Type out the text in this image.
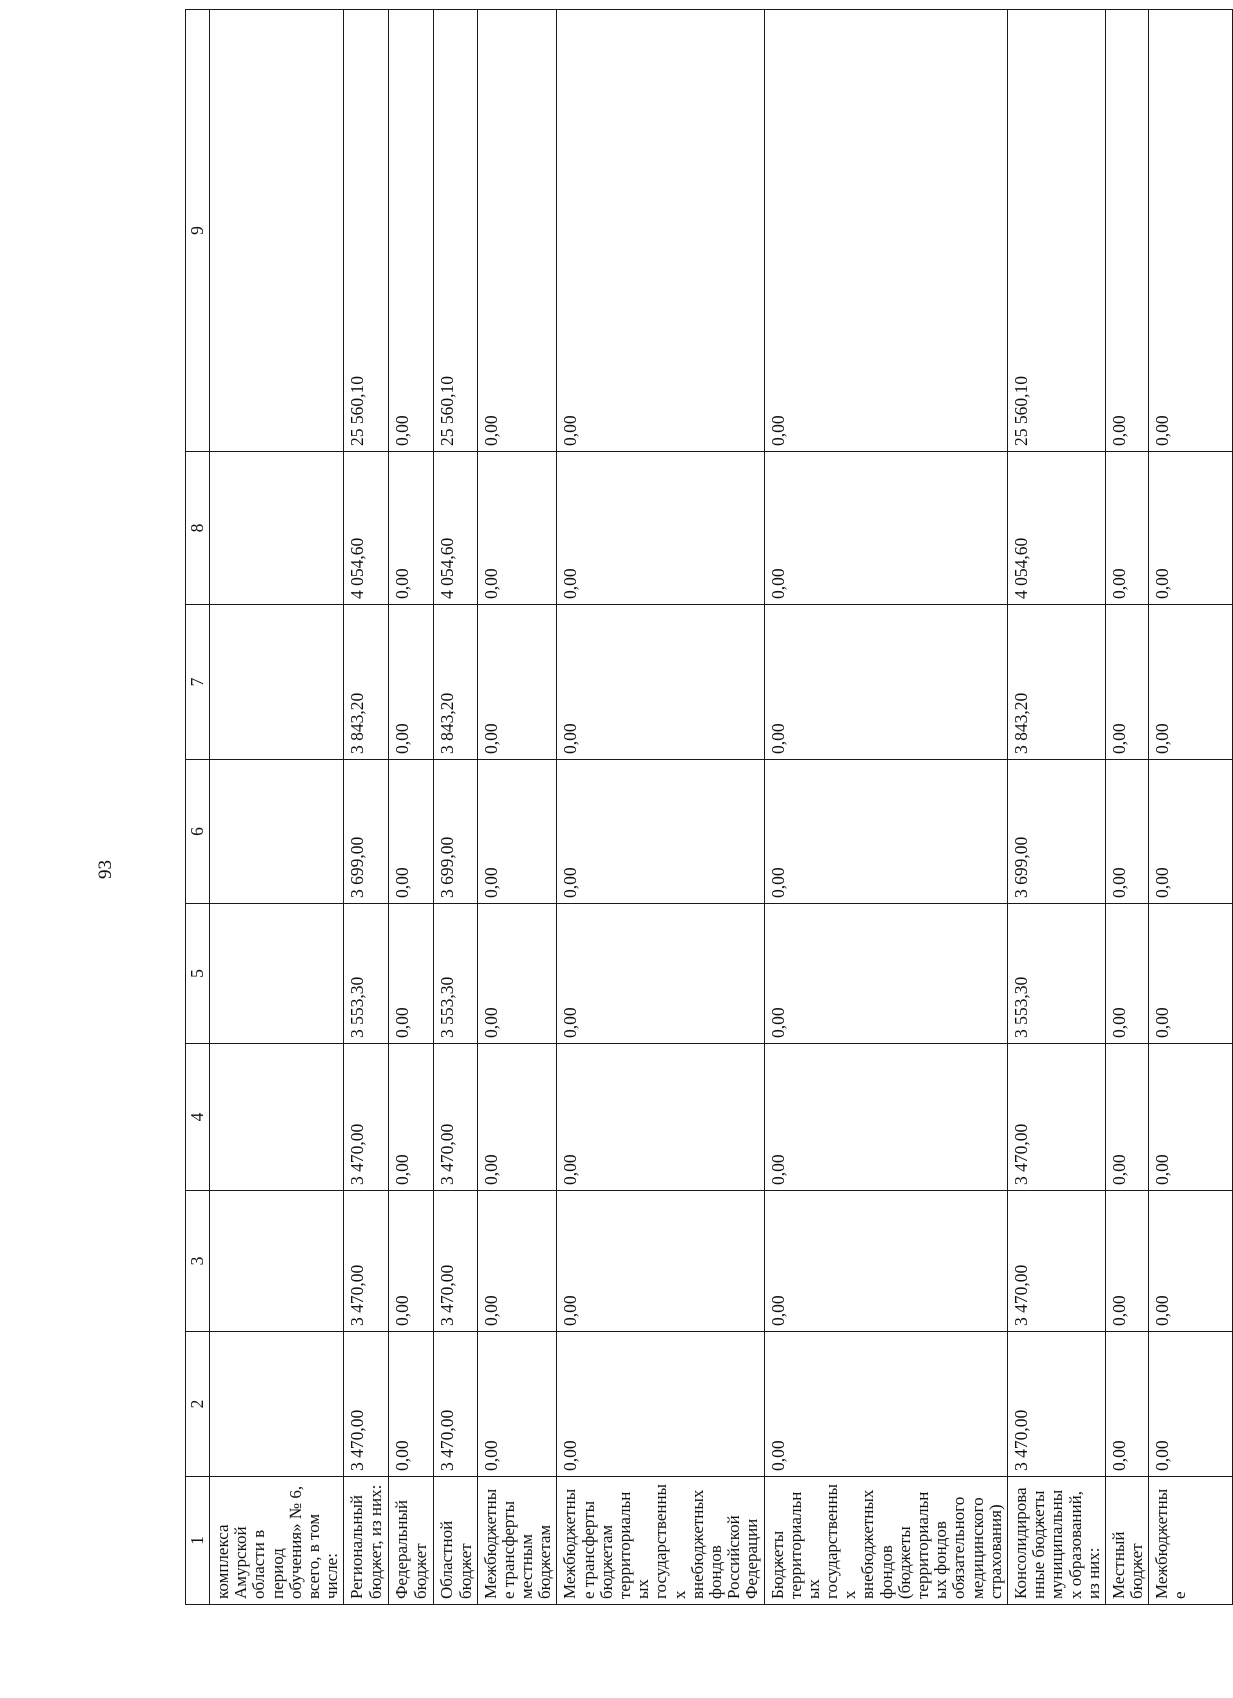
93
1	2	3	4	5	6	7	8	9
комплекса Амурской области в период обучения» № 6, всего, в том числе:								
Региональный бюджет, из них:	3 470,00	3 470,00	3 470,00	3 553,30	3 699,00	3 843,20	4 054,60	25 560,10
Федеральный бюджет	0,00	0,00	0,00	0,00	0,00	0,00	0,00	0,00
Областной бюджет	3 470,00	3 470,00	3 470,00	3 553,30	3 699,00	3 843,20	4 054,60	25 560,10
Межбюджетные трансферты местным бюджетам	0,00	0,00	0,00	0,00	0,00	0,00	0,00	0,00
Межбюджетные трансферты бюджетам территориальных государственных внебюджетных фондов Российской Федерации	0,00	0,00	0,00	0,00	0,00	0,00	0,00	0,00
Бюджеты территориальных государственных внебюджетных фондов (бюджеты территориальных фондов обязательного медицинского страхования)	0,00	0,00	0,00	0,00	0,00	0,00	0,00	0,00
Консолидированные бюджеты муниципальных образований, из них:	3 470,00	3 470,00	3 470,00	3 553,30	3 699,00	3 843,20	4 054,60	25 560,10
Местный бюджет	0,00	0,00	0,00	0,00	0,00	0,00	0,00	0,00
Межбюджетные	0,00	0,00	0,00	0,00	0,00	0,00	0,00	0,00
